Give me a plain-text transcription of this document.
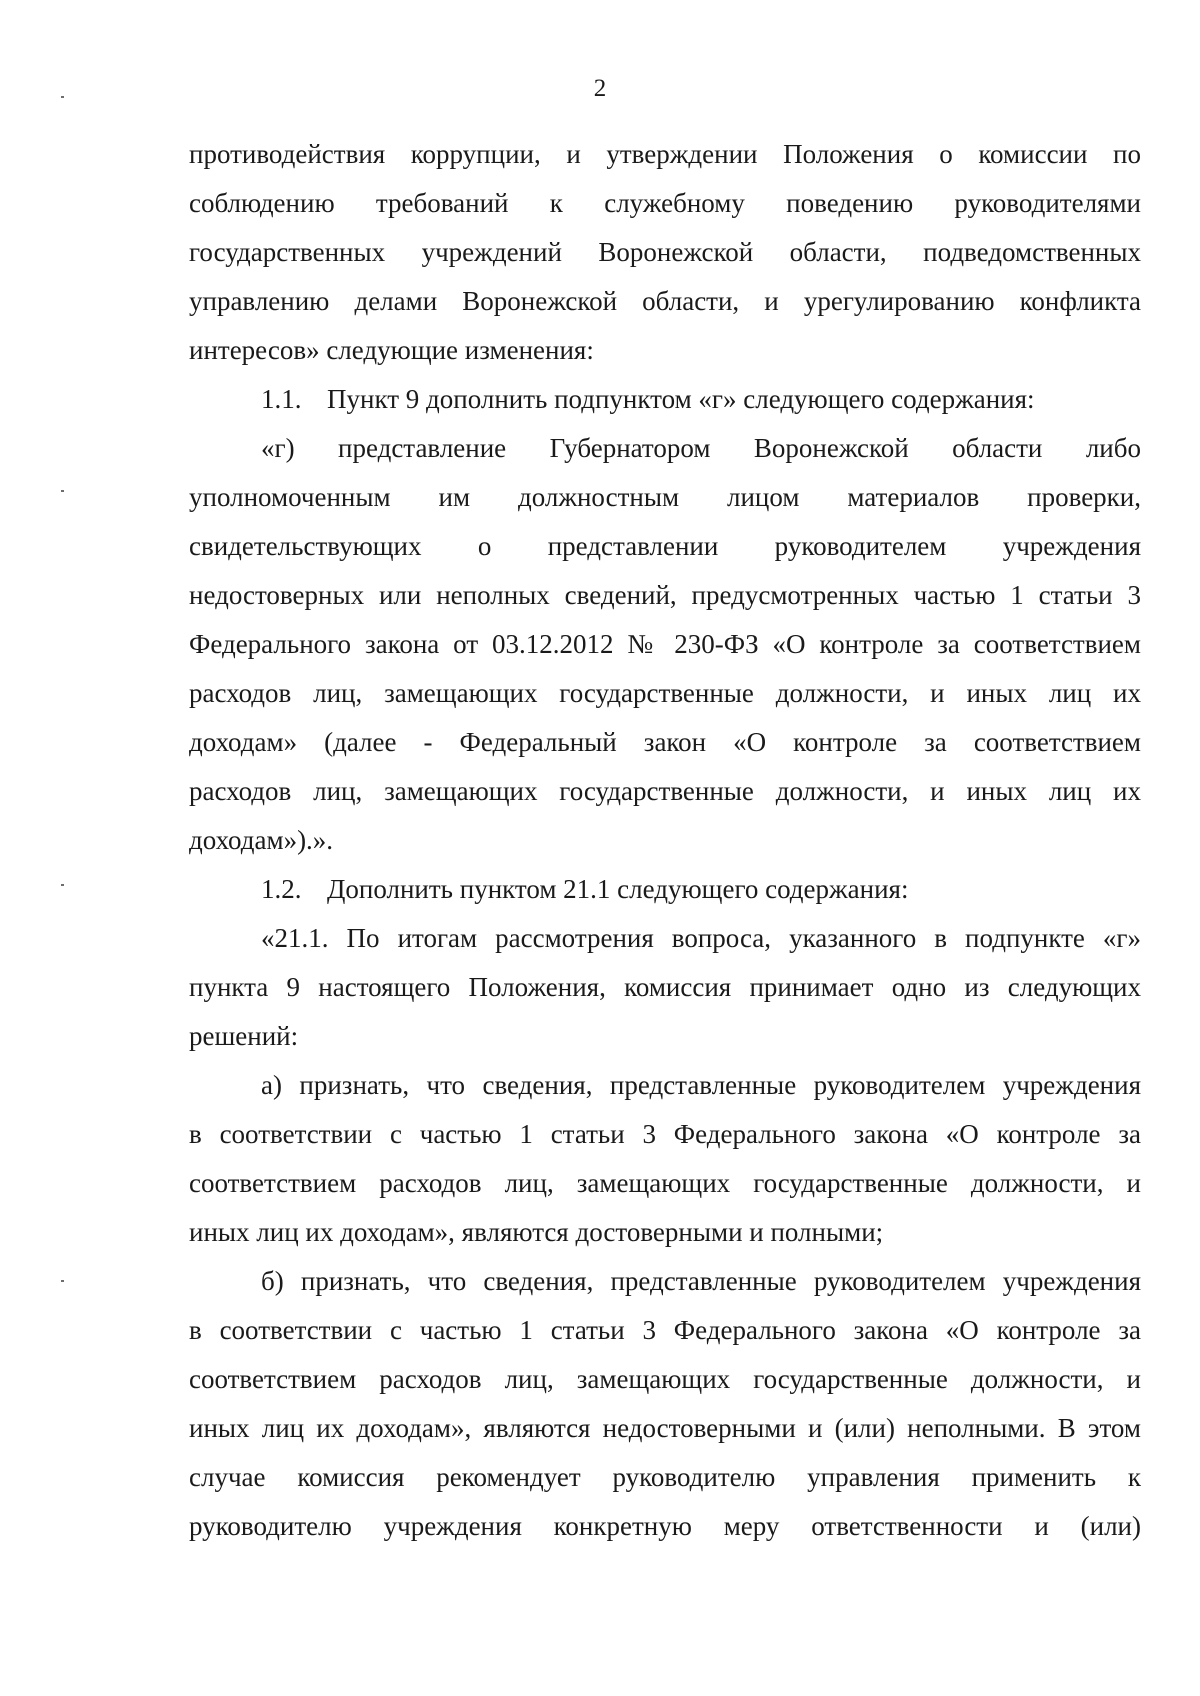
2

противодействия коррупции, и утверждении Положения о комиссии по
соблюдению требований к служебному поведению руководителями
государственных учреждений Воронежской области, подведомственных
управлению делами Воронежской области, и урегулированию конфликта
интересов» следующие изменения:

1.1. Пункт 9 дополнить подпунктом «г» следующего содержания:

«г) представление Губернатором Воронежской области либо
уполномоченным им должностным лицом материалов проверки,
свидетельствующих о представлении руководителем учреждения
недостоверных или неполных сведений, предусмотренных частью 1 статьи 3
Федерального закона от 03.12.2012 № 230-ФЗ «О контроле за соответствием
расходов лиц, замещающих государственные должности, и иных лиц их
доходам» (далее - Федеральный закон «О контроле за соответствием
расходов лиц, замещающих государственные должности, и иных лиц их
доходам»).».

1.2. Дополнить пунктом 21.1 следующего содержания:

«21.1. По итогам рассмотрения вопроса, указанного в подпункте «г»
пункта 9 настоящего Положения, комиссия принимает одно из следующих
решений:

а) признать, что сведения, представленные руководителем учреждения
в соответствии с частью 1 статьи 3 Федерального закона «О контроле за
соответствием расходов лиц, замещающих государственные должности, и
иных лиц их доходам», являются достоверными и полными;

б) признать, что сведения, представленные руководителем учреждения
в соответствии с частью 1 статьи 3 Федерального закона «О контроле за
соответствием расходов лиц, замещающих государственные должности, и
иных лиц их доходам», являются недостоверными и (или) неполными. В этом
случае комиссия рекомендует руководителю управления применить к
руководителю учреждения конкретную меру ответственности и (или)
